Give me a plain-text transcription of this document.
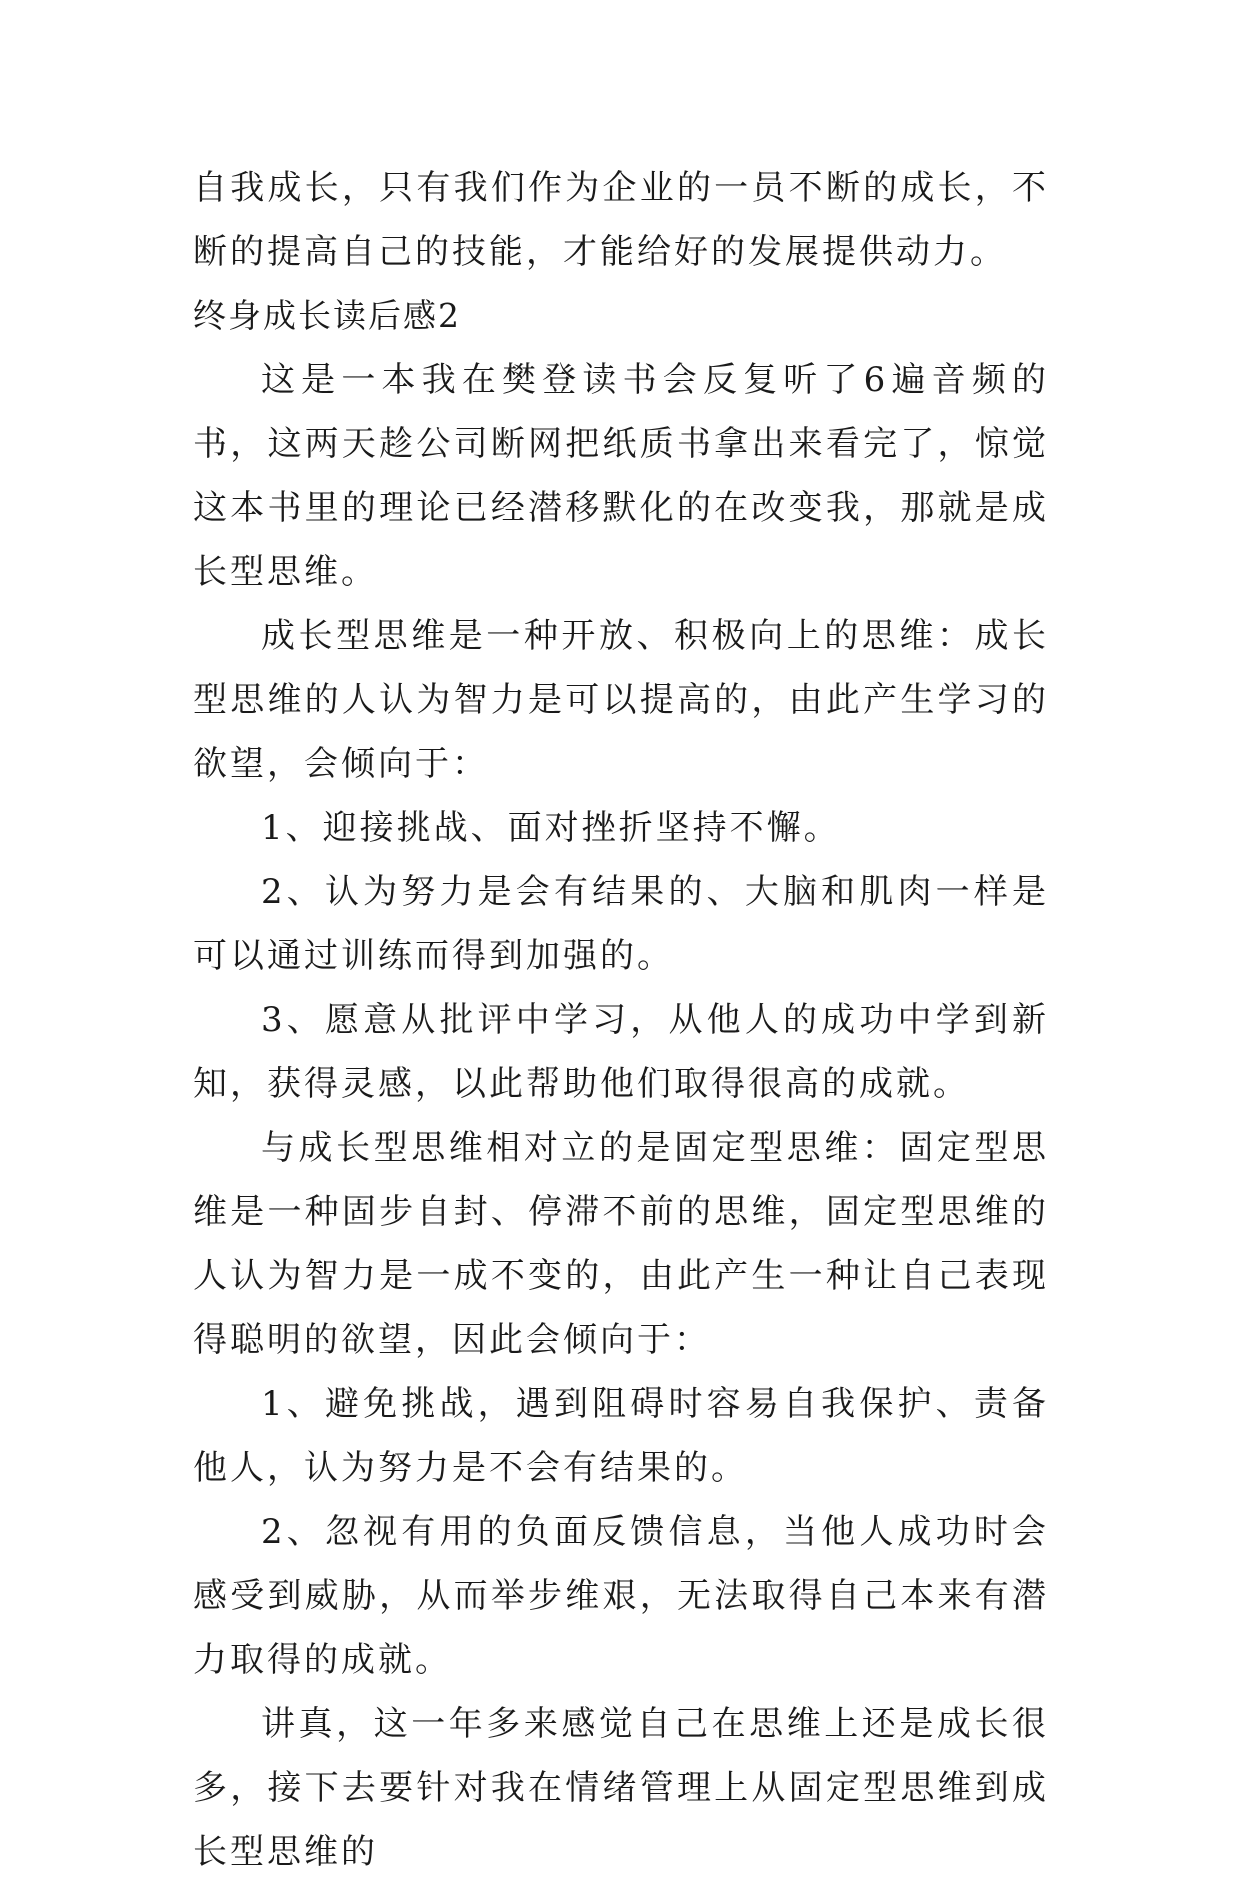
自我成长，只有我们作为企业的一员不断的成长，不断的提高自己的技能，才能给好的发展提供动力。

终身成长读后感2

这是一本我在樊登读书会反复听了6遍音频的书，这两天趁公司断网把纸质书拿出来看完了，惊觉这本书里的理论已经潜移默化的在改变我，那就是成长型思维。

成长型思维是一种开放、积极向上的思维：成长型思维的人认为智力是可以提高的，由此产生学习的欲望，会倾向于：

1、迎接挑战、面对挫折坚持不懈。

2、认为努力是会有结果的、大脑和肌肉一样是可以通过训练而得到加强的。

3、愿意从批评中学习，从他人的成功中学到新知，获得灵感，以此帮助他们取得很高的成就。

与成长型思维相对立的是固定型思维：固定型思维是一种固步自封、停滞不前的思维，固定型思维的人认为智力是一成不变的，由此产生一种让自己表现得聪明的欲望，因此会倾向于：

1、避免挑战，遇到阻碍时容易自我保护、责备他人，认为努力是不会有结果的。

2、忽视有用的负面反馈信息，当他人成功时会感受到威胁，从而举步维艰，无法取得自己本来有潜力取得的成就。

讲真，这一年多来感觉自己在思维上还是成长很多，接下去要针对我在情绪管理上从固定型思维到成长型思维的
